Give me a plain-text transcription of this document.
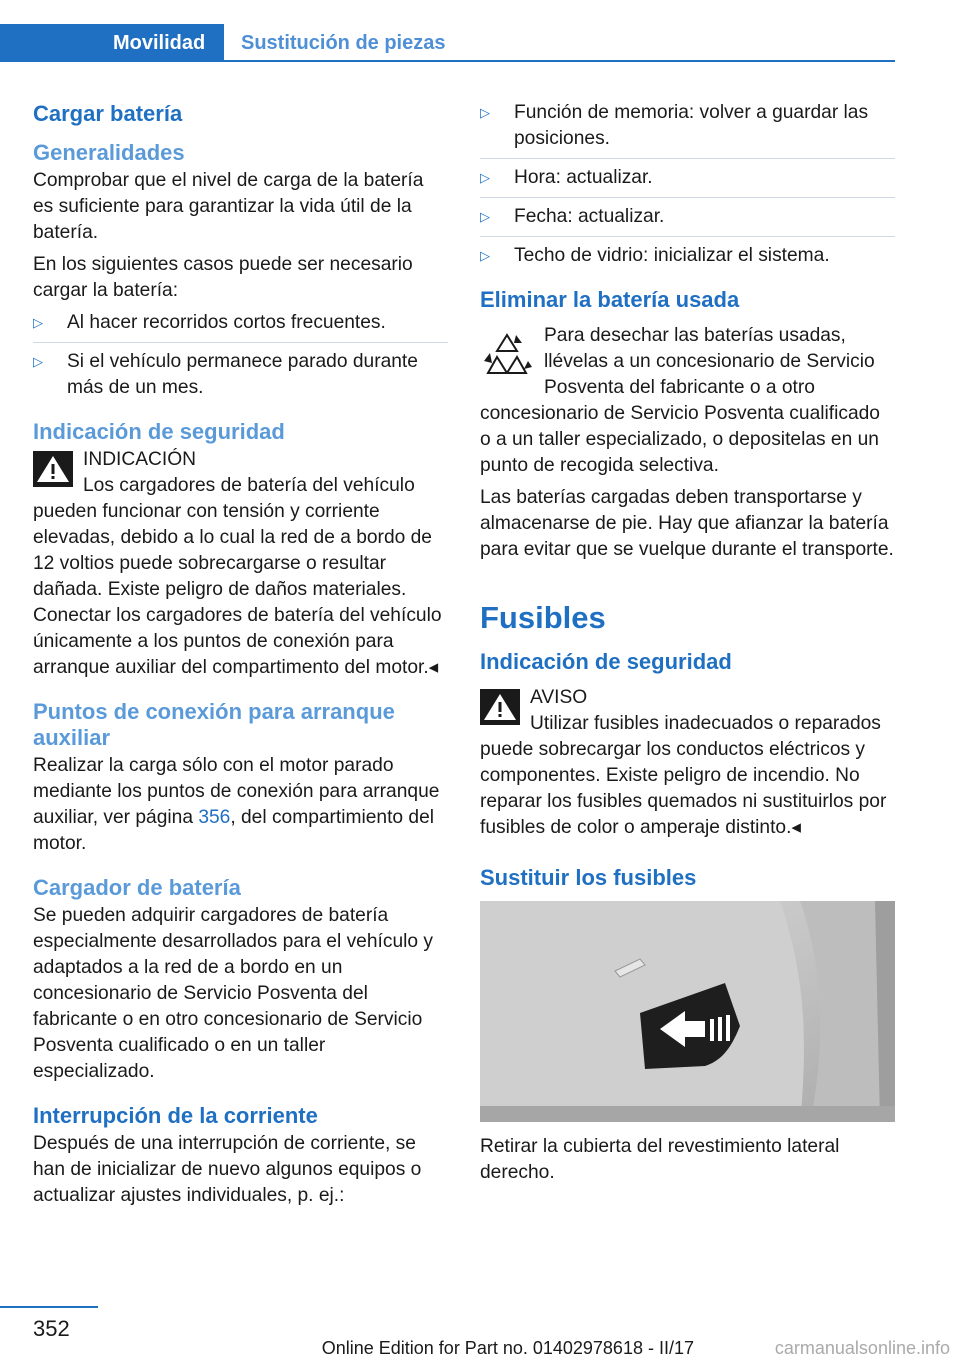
Movilidad Sustitución de piezas
Cargar batería
Generalidades

Comprobar que el nivel de carga de la batería es suficiente para garantizar la vida útil de la batería.

En los siguientes casos puede ser necesario cargar la batería:

▷ Al hacer recorridos cortos frecuentes.
▷ Si el vehículo permanece parado durante más de un mes.
Indicación de seguridad
INDICACIÓN
Los cargadores de batería del vehículo pueden funcionar con tensión y corriente elevadas, debido a lo cual la red de a bordo de 12 voltios puede sobrecargarse o resultar dañada. Existe peligro de daños materiales. Conectar los cargadores de batería del vehículo únicamente a los puntos de conexión para arranque auxiliar del compartimento del motor.◂
Puntos de conexión para arranque auxiliar

Realizar la carga sólo con el motor parado mediante los puntos de conexión para arranque auxiliar, ver página 356, del compartimiento del motor.

Cargador de batería

Se pueden adquirir cargadores de batería especialmente desarrollados para el vehículo y adaptados a la red de a bordo en un concesionario de Servicio Posventa del fabricante o en otro concesionario de Servicio Posventa cualificado o en un taller especializado.

Interrupción de la corriente

Después de una interrupción de corriente, se han de inicializar de nuevo algunos equipos o actualizar ajustes individuales, p. ej.:

▷ Función de memoria: volver a guardar las posiciones.
▷ Hora: actualizar.
▷ Fecha: actualizar.
▷ Techo de vidrio: inicializar el sistema.
Eliminar la batería usada
Para desechar las baterías usadas, llévelas a un concesionario de Servicio Posventa del fabricante o a otro concesionario de Servicio Posventa cualificado o a un taller especializado, o depositelas en un punto de recogida selectiva.

Las baterías cargadas deben transportarse y almacenarse de pie. Hay que afianzar la batería para evitar que se vuelque durante el transporte.

Fusibles
Indicación de seguridad
AVISO
Utilizar fusibles inadecuados o reparados puede sobrecargar los conductos eléctricos y componentes. Existe peligro de incendio. No reparar los fusibles quemados ni sustituirlos por fusibles de color o amperaje distinto.◂
Sustituir los fusibles

Retirar la cubierta del revestimiento lateral derecho.

352
Online Edition for Part no. 01402978618 - II/17	carmanualsonline.info
